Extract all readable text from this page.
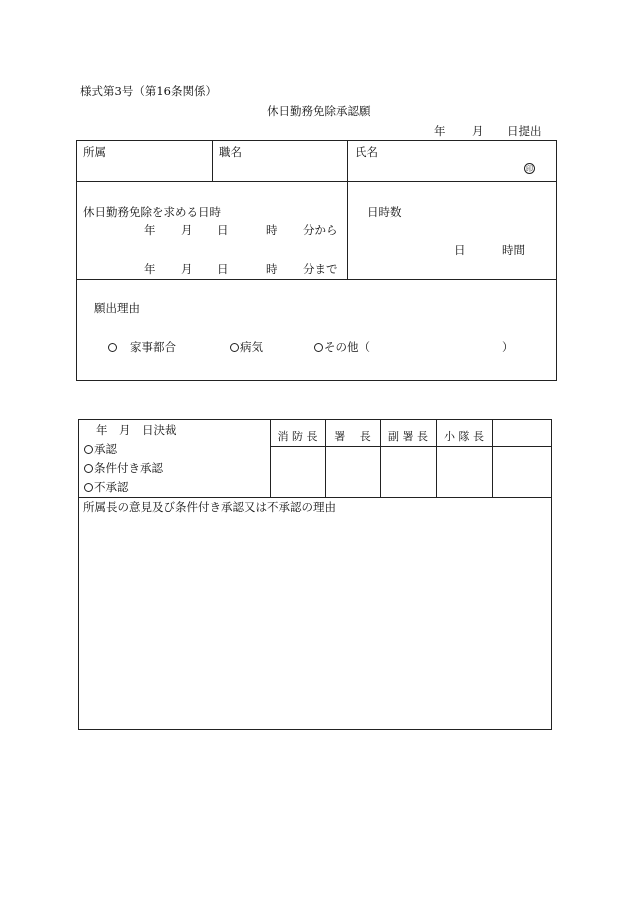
様式第3号（第16条関係）
休日勤務免除承認願
年 月 日提出
所属	職名	氏名
印
休日勤務免除を求める日時
年 月 日	時 分から
年 月 日	時 分まで
日時数
日	時間
願出理由
家事都合	病気	その他（	）
年　月　日決裁
承認
条件付き承認
不承認
消 防 長	署　 長	副 署 長	小 隊 長
所属長の意見及び条件付き承認又は不承認の理由
